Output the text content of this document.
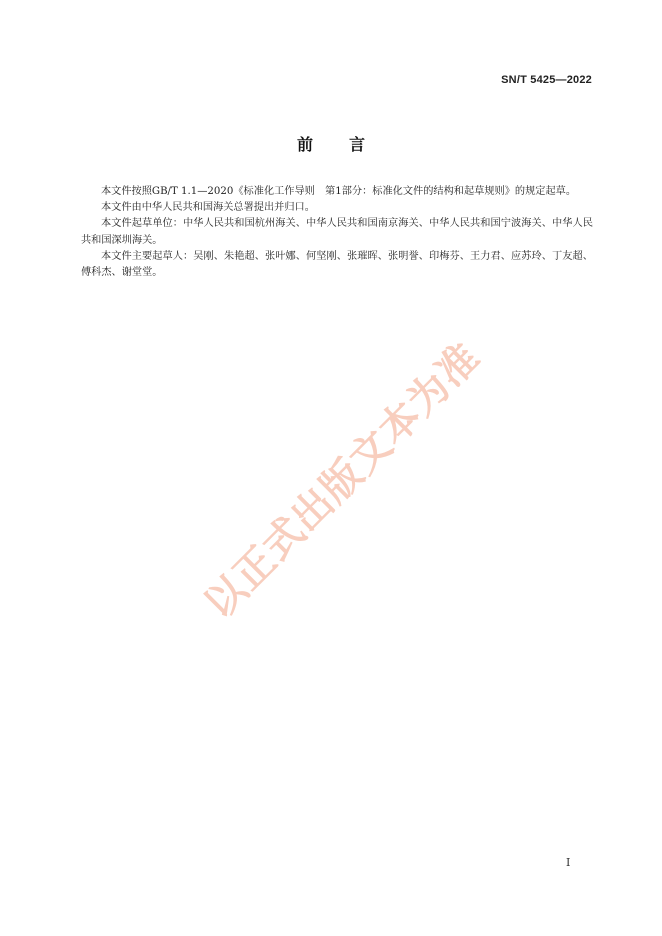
SN/T 5425—2022
前言

本文件按照GB/T 1.1—2020《标准化工作导则　第1部分：标准化文件的结构和起草规则》的规定起草。

本文件由中华人民共和国海关总署提出并归口。

本文件起草单位：中华人民共和国杭州海关、中华人民共和国南京海关、中华人民共和国宁波海关、中华人民共和国深圳海关。

本文件主要起草人：吴刚、朱艳超、张叶娜、何坚刚、张璀晖、张明誉、印梅芬、王力君、应苏玲、丁友超、傅科杰、谢堂堂。

以正式出版文本为准
I
